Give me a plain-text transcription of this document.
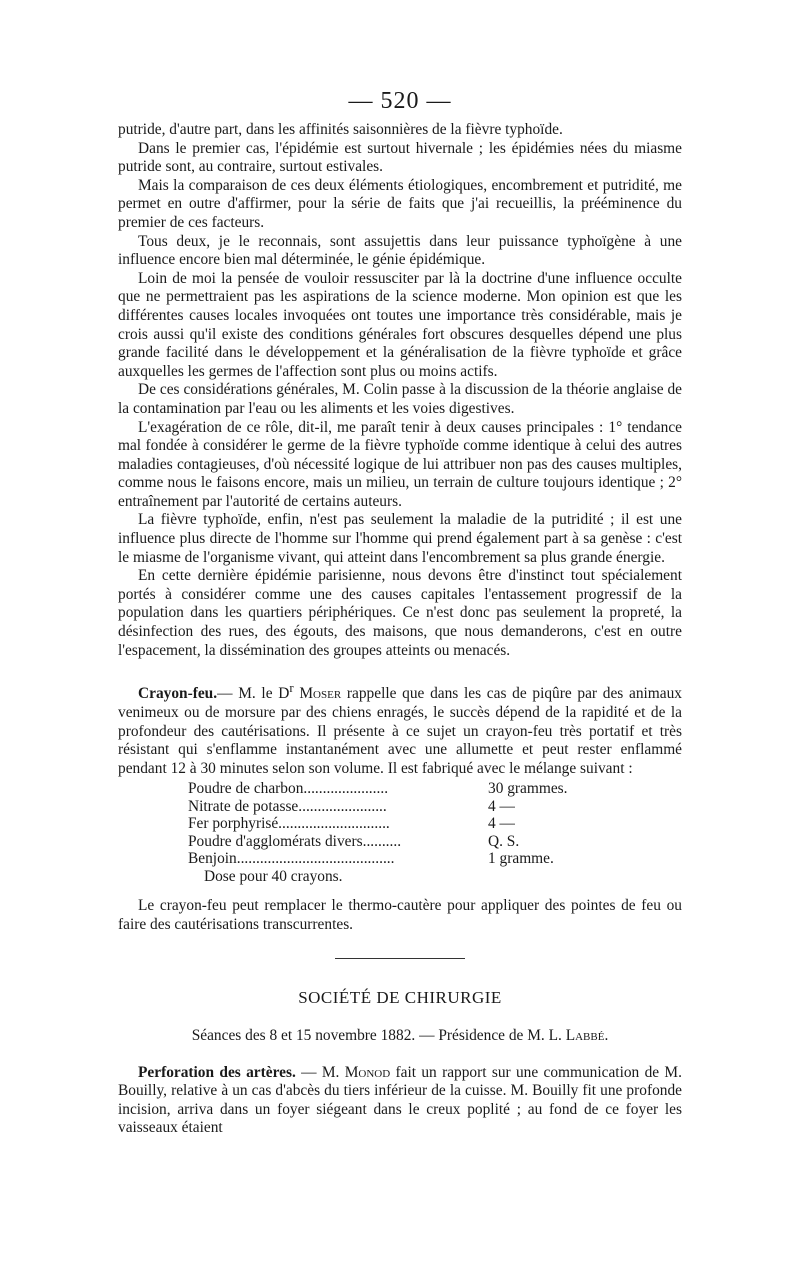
— 520 —

putride, d'autre part, dans les affinités saisonnières de la fièvre typhoïde.

Dans le premier cas, l'épidémie est surtout hivernale ; les épidémies nées du miasme putride sont, au contraire, surtout estivales.

Mais la comparaison de ces deux éléments étiologiques, encombrement et putridité, me permet en outre d'affirmer, pour la série de faits que j'ai recueillis, la prééminence du premier de ces facteurs.

Tous deux, je le reconnais, sont assujettis dans leur puissance typhoïgène à une influence encore bien mal déterminée, le génie épidémique.

Loin de moi la pensée de vouloir ressusciter par là la doctrine d'une influence occulte que ne permettraient pas les aspirations de la science moderne. Mon opinion est que les différentes causes locales invoquées ont toutes une importance très considérable, mais je crois aussi qu'il existe des conditions générales fort obscures desquelles dépend une plus grande facilité dans le développement et la généralisation de la fièvre typhoïde et grâce auxquelles les germes de l'affection sont plus ou moins actifs.

De ces considérations générales, M. Colin passe à la discussion de la théorie anglaise de la contamination par l'eau ou les aliments et les voies digestives.

L'exagération de ce rôle, dit-il, me paraît tenir à deux causes principales : 1° tendance mal fondée à considérer le germe de la fièvre typhoïde comme identique à celui des autres maladies contagieuses, d'où nécessité logique de lui attribuer non pas des causes multiples, comme nous le faisons encore, mais un milieu, un terrain de culture toujours identique ; 2° entraînement par l'autorité de certains auteurs.

La fièvre typhoïde, enfin, n'est pas seulement la maladie de la putridité ; il est une influence plus directe de l'homme sur l'homme qui prend également part à sa genèse : c'est le miasme de l'organisme vivant, qui atteint dans l'encombrement sa plus grande énergie.

En cette dernière épidémie parisienne, nous devons être d'instinct tout spécialement portés à considérer comme une des causes capitales l'entassement progressif de la population dans les quartiers périphériques. Ce n'est donc pas seulement la propreté, la désinfection des rues, des égouts, des maisons, que nous demanderons, c'est en outre l'espacement, la dissémination des groupes atteints ou menacés.

Crayon-feu.— M. le $D^r$ Moser rappelle que dans les cas de piqûre par des animaux venimeux ou de morsure par des chiens enragés, le succès dépend de la rapidité et de la profondeur des cautérisations. Il présente à ce sujet un crayon-feu très portatif et très résistant qui s'enflamme instantanément avec une allumette et peut rester enflammé pendant 12 à 30 minutes selon son volume. Il est fabriqué avec le mélange suivant :

Poudre de charbon......................	30 grammes.
Nitrate de potasse.......................	4 —
Fer porphyrisé.............................	4 —
Poudre d'agglomérats divers..........	Q. S.
Benjoin.........................................	1 gramme.
Dose pour 40 crayons.

Le crayon-feu peut remplacer le thermo-cautère pour appliquer des pointes de feu ou faire des cautérisations transcurrentes.

SOCIÉTÉ DE CHIRURGIE
Séances des 8 et 15 novembre 1882. — Présidence de M. L. Labbé.

Perforation des artères. — M. Monod fait un rapport sur une communication de M. Bouilly, relative à un cas d'abcès du tiers inférieur de la cuisse. M. Bouilly fit une profonde incision, arriva dans un foyer siégeant dans le creux poplité ; au fond de ce foyer les vaisseaux étaient
